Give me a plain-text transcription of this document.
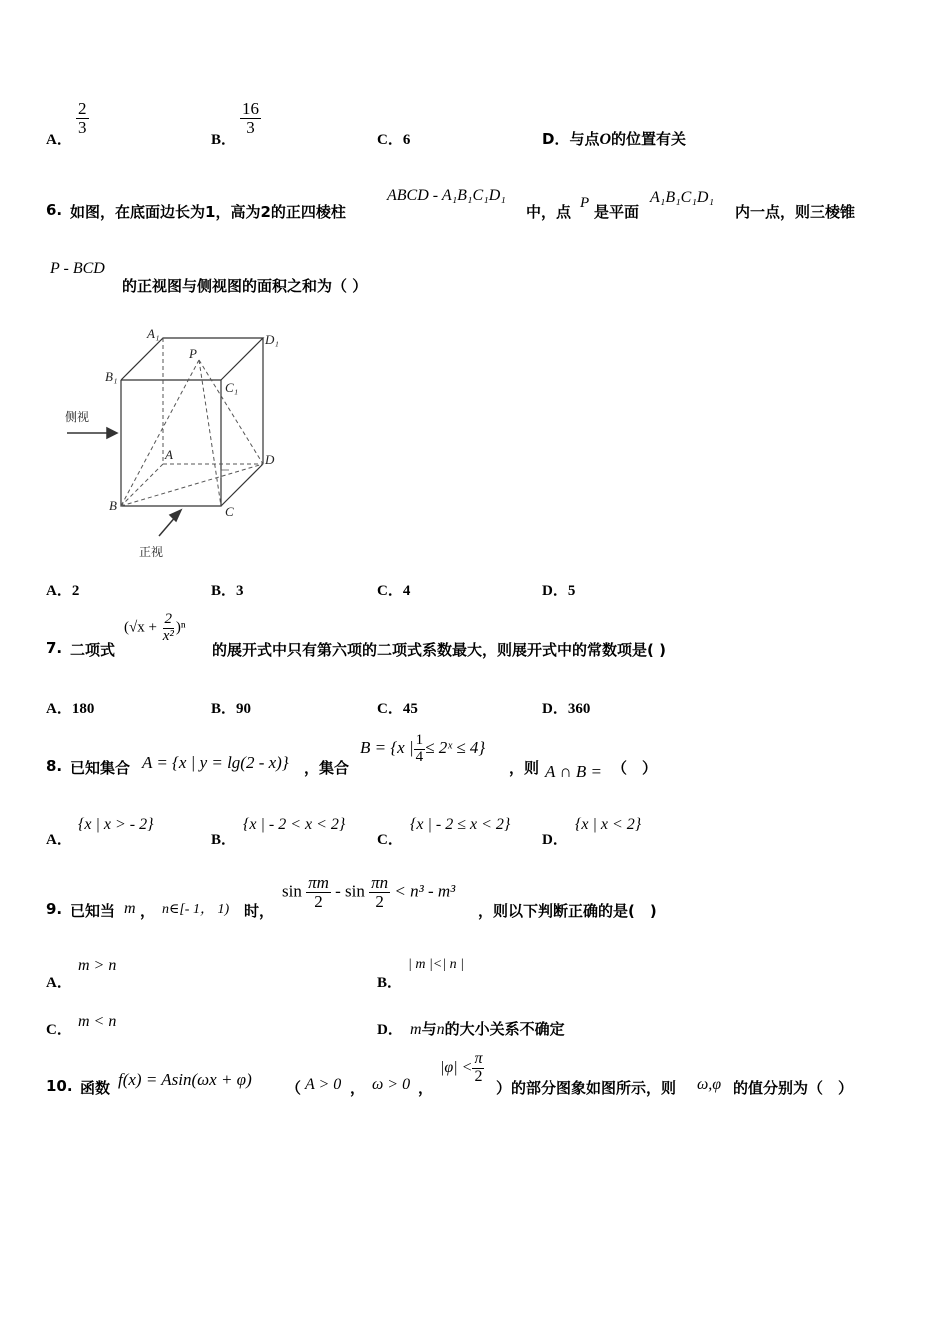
A．
$\frac{2}{3}$
B．
$\frac{16}{3}$
C．6	D．与点O的位置有关
6. 如图，在底面边长为1，高为2的正四棱柱
ABCD - A₁B₁C₁D₁
中，点 P 是平面
A₁B₁C₁D₁
内一点，则三棱锥
P - BCD
的正视图与侧视图的面积之和为（ ）
A₁	D₁
B₁
C₁
P
A	D
B	C
侧视
正视
A．2	B．3	C．4	D．5
7. 二项式
$(√x + \frac{2}{\text{x²}} )^n$
的展开式中只有第六项的二项式系数最大，则展开式中的常数项是( )
A．180	B．90	C．45	D．360
8. 已知集合 A = {x | y = lg(2 - x)} ，集合
B = {x | $\frac{1}{4}$ ≤ 2ˣ ≤ 4}
，则 A ∩ B = （　）
A．
{x | x > - 2}
B．
{x | - 2 < x < 2}
C．
{x | - 2 ≤ x < 2}
D．
{x | x < 2}
9. 已知当 m ， n∈[- 1， 1) 时，
$\sin \frac{\pi m}{2} - \sin \frac{\pi n}{2} < n^3 - m^3$
，则以下判断正确的是(　)
A．
m > n
B．
| m |<| n |
C． m < n	D． m与n的大小关系不确定
10. 函数 f(x) = Asin(ωx + φ) （ A > 0 ， ω > 0 ，
$|\varphi| < \frac{\pi}{2}$
）的部分图象如图所示，则 ω,φ 的值分别为（　）
